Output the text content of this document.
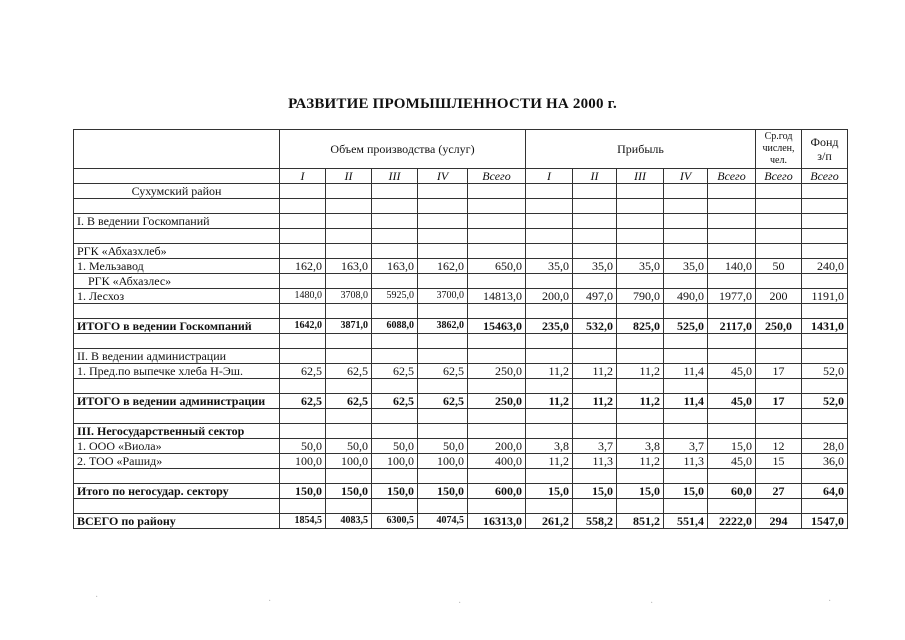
РАЗВИТИЕ ПРОМЫШЛЕННОСТИ НА 2000 г.
	Объем производства (услуг)					Прибыль					Ср.год числен, чел.	Фонд з/п
	I	II	III	IV	Всего	I	II	III	IV	Всего	Всего	Всего
Сухумский район												

I. В ведении Госкомпаний												

РГК «Абхазхлеб»												
1. Мельзавод	162,0	163,0	163,0	162,0	650,0	35,0	35,0	35,0	35,0	140,0	50	240,0
РГК «Абхазлес»												
1. Лесхоз	1480,0	3708,0	5925,0	3700,0	14813,0	200,0	497,0	790,0	490,0	1977,0	200	1191,0

ИТОГО в ведении Госкомпаний	1642,0	3871,0	6088,0	3862,0	15463,0	235,0	532,0	825,0	525,0	2117,0	250,0	1431,0

II. В ведении администрации												
1. Пред.по выпечке хлеба Н-Эш.	62,5	62,5	62,5	62,5	250,0	11,2	11,2	11,2	11,4	45,0	17	52,0

ИТОГО в ведении администрации	62,5	62,5	62,5	62,5	250,0	11,2	11,2	11,2	11,4	45,0	17	52,0

III. Негосударственный сектор												
1. ООО «Виола»	50,0	50,0	50,0	50,0	200,0	3,8	3,7	3,8	3,7	15,0	12	28,0
2. ТОО «Рашид»	100,0	100,0	100,0	100,0	400,0	11,2	11,3	11,2	11,3	45,0	15	36,0

Итого по негосудар. сектору	150,0	150,0	150,0	150,0	600,0	15,0	15,0	15,0	15,0	60,0	27	64,0

ВСЕГО по району	1854,5	4083,5	6300,5	4074,5	16313,0	261,2	558,2	851,2	551,4	2222,0	294	1547,0
·	·	·	·	·
